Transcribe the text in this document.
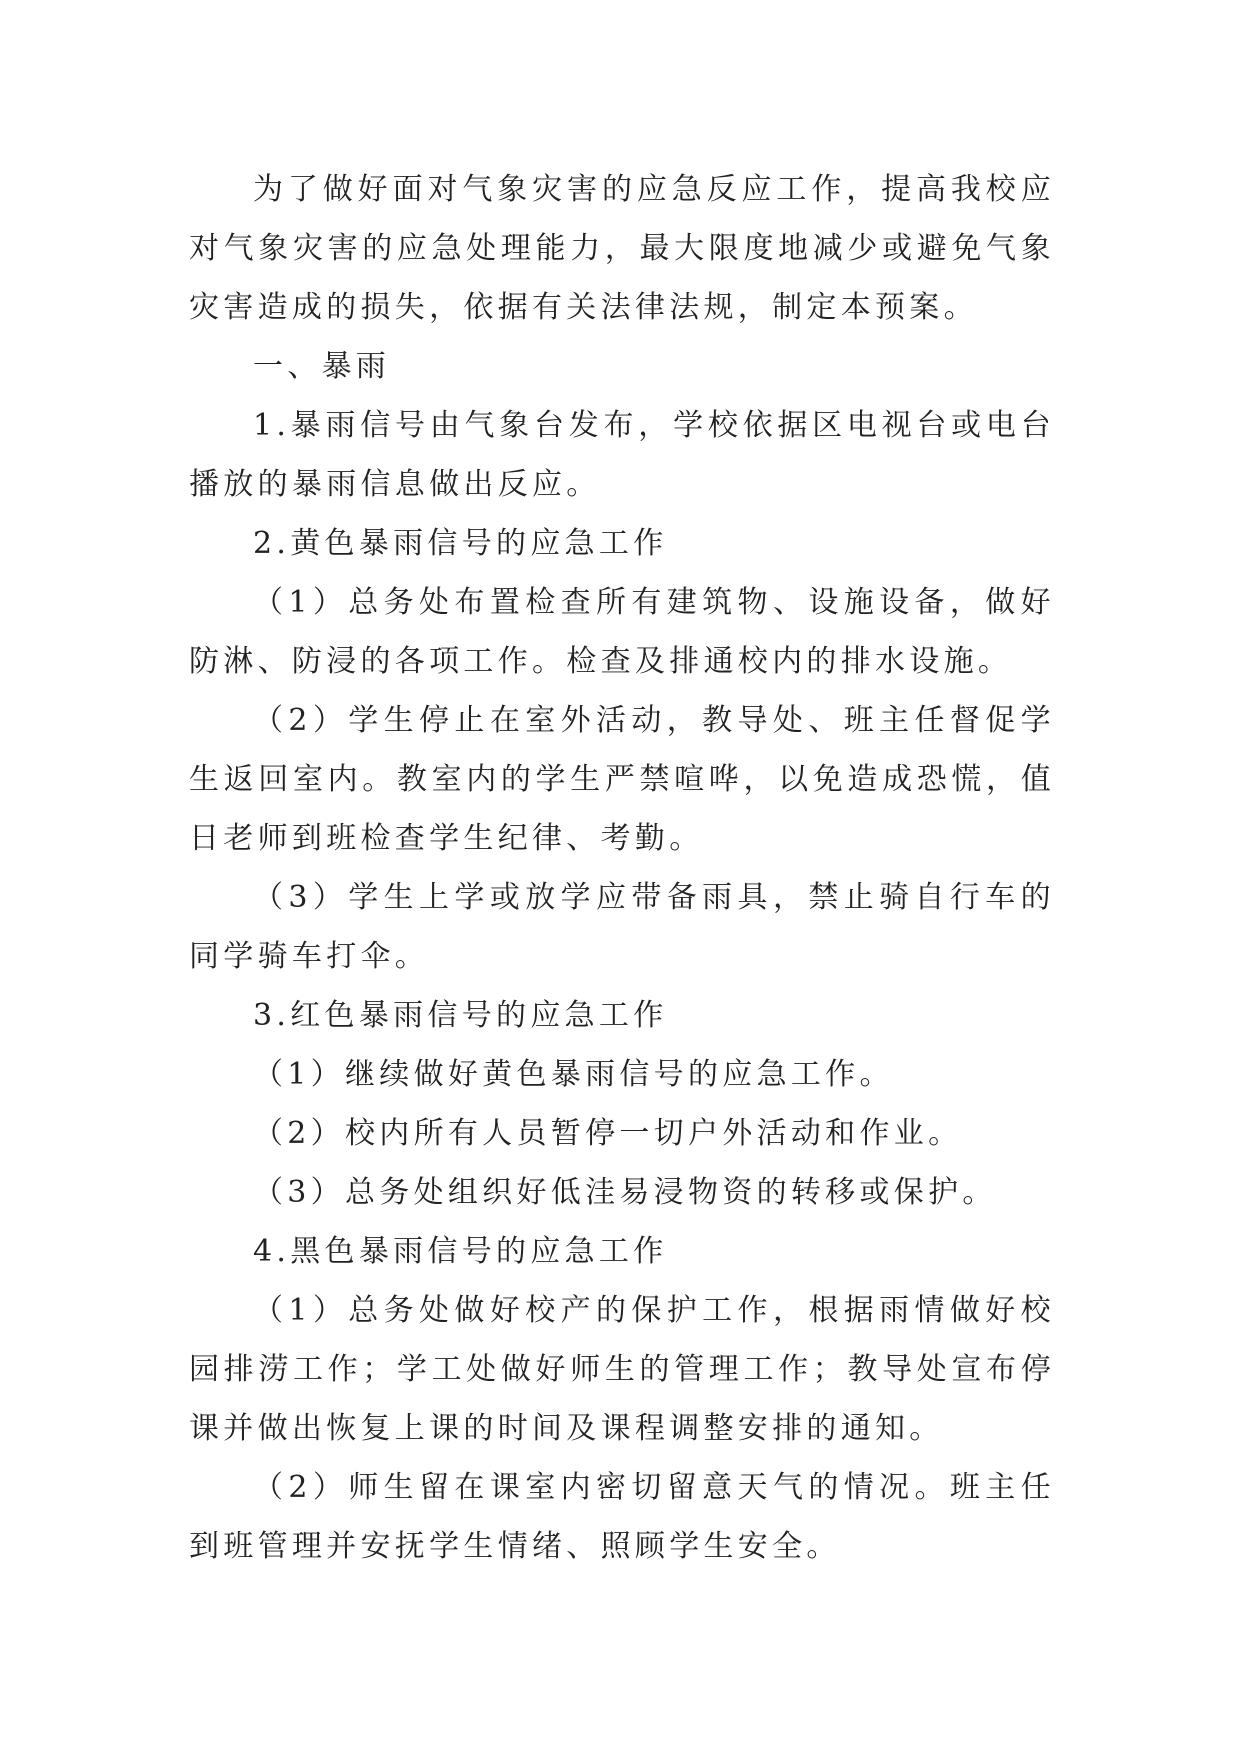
为了做好面对气象灾害的应急反应工作，提高我校应对气象灾害的应急处理能力，最大限度地减少或避免气象灾害造成的损失，依据有关法律法规，制定本预案。

一、暴雨

1.暴雨信号由气象台发布，学校依据区电视台或电台播放的暴雨信息做出反应。

2.黄色暴雨信号的应急工作

（1）总务处布置检查所有建筑物、设施设备，做好防淋、防浸的各项工作。检查及排通校内的排水设施。

（2）学生停止在室外活动，教导处、班主任督促学生返回室内。教室内的学生严禁喧哗，以免造成恐慌，值日老师到班检查学生纪律、考勤。

（3）学生上学或放学应带备雨具，禁止骑自行车的同学骑车打伞。

3.红色暴雨信号的应急工作

（1）继续做好黄色暴雨信号的应急工作。

（2）校内所有人员暂停一切户外活动和作业。

（3）总务处组织好低洼易浸物资的转移或保护。

4.黑色暴雨信号的应急工作

（1）总务处做好校产的保护工作，根据雨情做好校园排涝工作；学工处做好师生的管理工作；教导处宣布停课并做出恢复上课的时间及课程调整安排的通知。

（2）师生留在课室内密切留意天气的情况。班主任到班管理并安抚学生情绪、照顾学生安全。
